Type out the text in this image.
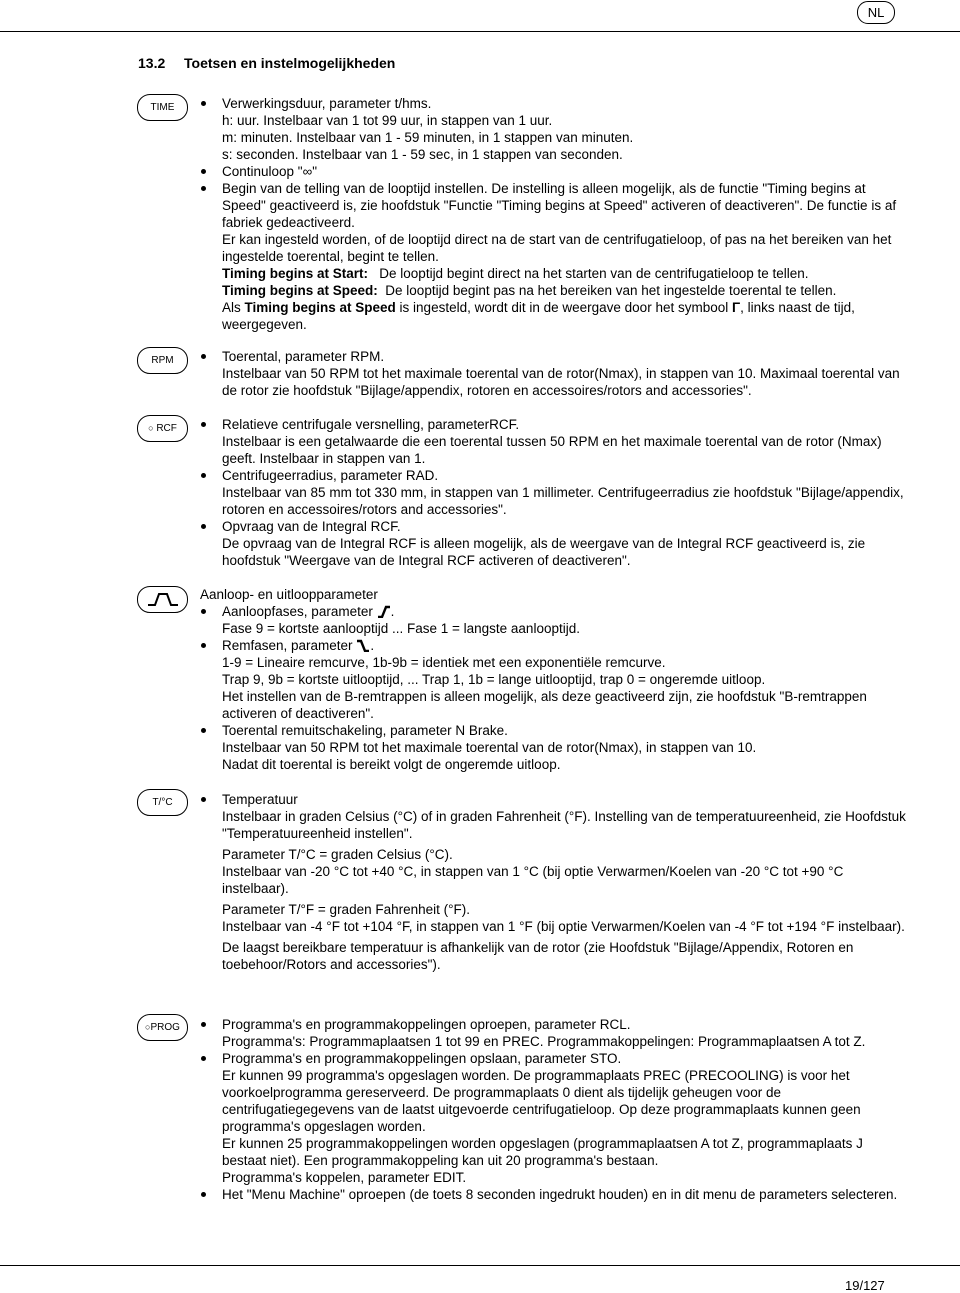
NL
13.2 Toetsen en instelmogelijkheden
TIME
RPM
○ RCF
T/°C
○PROG
Verwerkingsduur, parameter t/hms.
h: uur. Instelbaar van 1 tot 99 uur, in stappen van 1 uur.
m: minuten. Instelbaar van 1 - 59 minuten, in 1 stappen van minuten.
s: seconden. Instelbaar van 1 - 59 sec, in 1 stappen van seconden.
Continuloop "∞"
Begin van de telling van de looptijd instellen. De instelling is alleen mogelijk, als de functie "Timing begins at Speed" geactiveerd is, zie hoofdstuk "Functie "Timing begins at Speed" activeren of deactiveren". De functie is af fabriek gedeactiveerd.
Er kan ingesteld worden, of de looptijd direct na de start van de centrifugatieloop, of pas na het bereiken van het ingestelde toerental, begint te tellen.
Timing begins at Start: De looptijd begint direct na het starten van de centrifugatieloop te tellen.
Timing begins at Speed: De looptijd begint pas na het bereiken van het ingestelde toerental te tellen.
Als Timing begins at Speed is ingesteld, wordt dit in de weergave door het symbool Γ, links naast de tijd, weergegeven.
Toerental, parameter RPM.
Instelbaar van 50 RPM tot het maximale toerental van de rotor(Nmax), in stappen van 10. Maximaal toerental van de rotor zie hoofdstuk "Bijlage/appendix, rotoren en accessoires/rotors and accessories".
Relatieve centrifugale versnelling, parameterRCF.
Instelbaar is een getalwaarde die een toerental tussen 50 RPM en het maximale toerental van de rotor (Nmax) geeft. Instelbaar in stappen van 1.
Centrifugeerradius, parameter RAD.
Instelbaar van 85 mm tot 330 mm, in stappen van 1 millimeter. Centrifugeerradius zie hoofdstuk "Bijlage/appendix, rotoren en accessoires/rotors and accessories".
Opvraag van de Integral RCF.
De opvraag van de Integral RCF is alleen mogelijk, als de weergave van de Integral RCF geactiveerd is, zie hoofdstuk "Weergave van de Integral RCF activeren of deactiveren".
Aanloop- en uitloopparameter
Aanloopfases, parameter .
Fase 9 = kortste aanlooptijd ... Fase 1 = langste aanlooptijd.
Remfasen, parameter .
1-9 = Lineaire remcurve, 1b-9b = identiek met een exponentiële remcurve.
Trap 9, 9b = kortste uitlooptijd, ... Trap 1, 1b = lange uitlooptijd, trap 0 = ongeremde uitloop.
Het instellen van de B-remtrappen is alleen mogelijk, als deze geactiveerd zijn, zie hoofdstuk "B-remtrappen activeren of deactiveren".
Toerental remuitschakeling, parameter N Brake.
Instelbaar van 50 RPM tot het maximale toerental van de rotor(Nmax), in stappen van 10.
Nadat dit toerental is bereikt volgt de ongeremde uitloop.
Temperatuur
Instelbaar in graden Celsius (°C) of in graden Fahrenheit (°F). Instelling van de temperatuureenheid, zie Hoofdstuk "Temperatuureenheid instellen".
Parameter T/°C = graden Celsius (°C).
Instelbaar van -20 °C tot +40 °C, in stappen van 1 °C (bij optie Verwarmen/Koelen van -20 °C tot +90 °C instelbaar).
Parameter T/°F = graden Fahrenheit (°F).
Instelbaar van -4 °F tot +104 °F, in stappen van 1 °F (bij optie Verwarmen/Koelen van -4 °F tot +194 °F instelbaar).
De laagst bereikbare temperatuur is afhankelijk van de rotor (zie Hoofdstuk "Bijlage/Appendix, Rotoren en toebehoor/Rotors and accessories").
Programma's en programmakoppelingen oproepen, parameter RCL.
Programma's: Programmaplaatsen 1 tot 99 en PREC. Programmakoppelingen: Programmaplaatsen A tot Z.
Programma's en programmakoppelingen opslaan, parameter STO.
Er kunnen 99 programma's opgeslagen worden. De programmaplaats PREC (PRECOOLING) is voor het voorkoelprogramma gereserveerd. De programmaplaats 0 dient als tijdelijk geheugen voor de centrifugatiegegevens van de laatst uitgevoerde centrifugatieloop. Op deze programmaplaats kunnen geen programma's opgeslagen worden.
Er kunnen 25 programmakoppelingen worden opgeslagen (programmaplaatsen A tot Z, programmaplaats J bestaat niet). Een programmakoppeling kan uit 20 programma's bestaan.
Programma's koppelen, parameter EDIT.
Het "Menu Machine" oproepen (de toets 8 seconden ingedrukt houden) en in dit menu de parameters selecteren.
19/127
